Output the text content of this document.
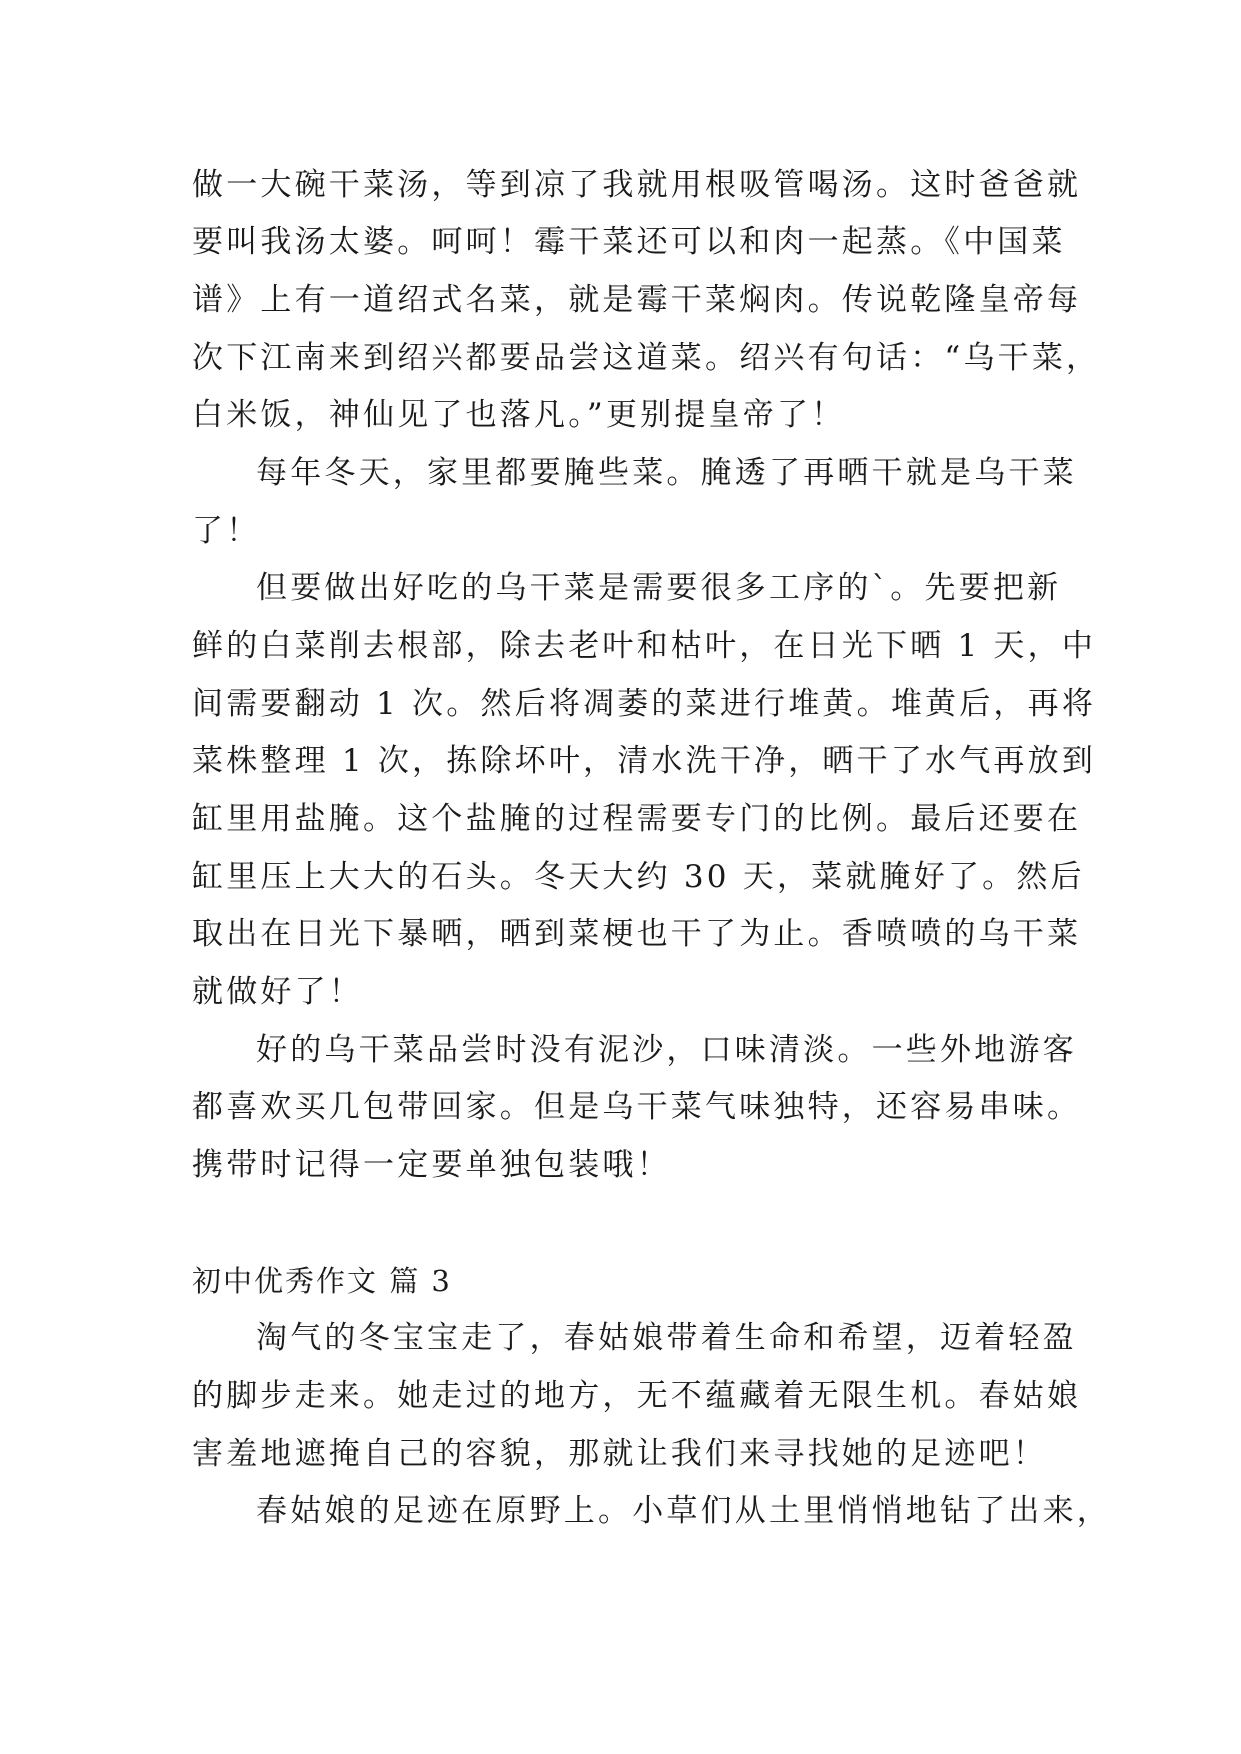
做一大碗干菜汤，等到凉了我就用根吸管喝汤。这时爸爸就
要叫我汤太婆。呵呵！霉干菜还可以和肉一起蒸。《中国菜
谱》上有一道绍式名菜，就是霉干菜焖肉。传说乾隆皇帝每
次下江南来到绍兴都要品尝这道菜。绍兴有句话：“乌干菜，
白米饭，神仙见了也落凡。”更别提皇帝了！
每年冬天，家里都要腌些菜。腌透了再晒干就是乌干菜
了！
但要做出好吃的乌干菜是需要很多工序的`。先要把新
鲜的白菜削去根部，除去老叶和枯叶，在日光下晒 1 天，中
间需要翻动 1 次。然后将凋萎的菜进行堆黄。堆黄后，再将
菜株整理 1 次，拣除坏叶，清水洗干净，晒干了水气再放到
缸里用盐腌。这个盐腌的过程需要专门的比例。最后还要在
缸里压上大大的石头。冬天大约 30 天，菜就腌好了。然后
取出在日光下暴晒，晒到菜梗也干了为止。香喷喷的乌干菜
就做好了！
好的乌干菜品尝时没有泥沙，口味清淡。一些外地游客
都喜欢买几包带回家。但是乌干菜气味独特，还容易串味。
携带时记得一定要单独包装哦！
初中优秀作文 篇 3
淘气的冬宝宝走了，春姑娘带着生命和希望，迈着轻盈
的脚步走来。她走过的地方，无不蕴藏着无限生机。春姑娘
害羞地遮掩自己的容貌，那就让我们来寻找她的足迹吧！
春姑娘的足迹在原野上。小草们从土里悄悄地钻了出来，
